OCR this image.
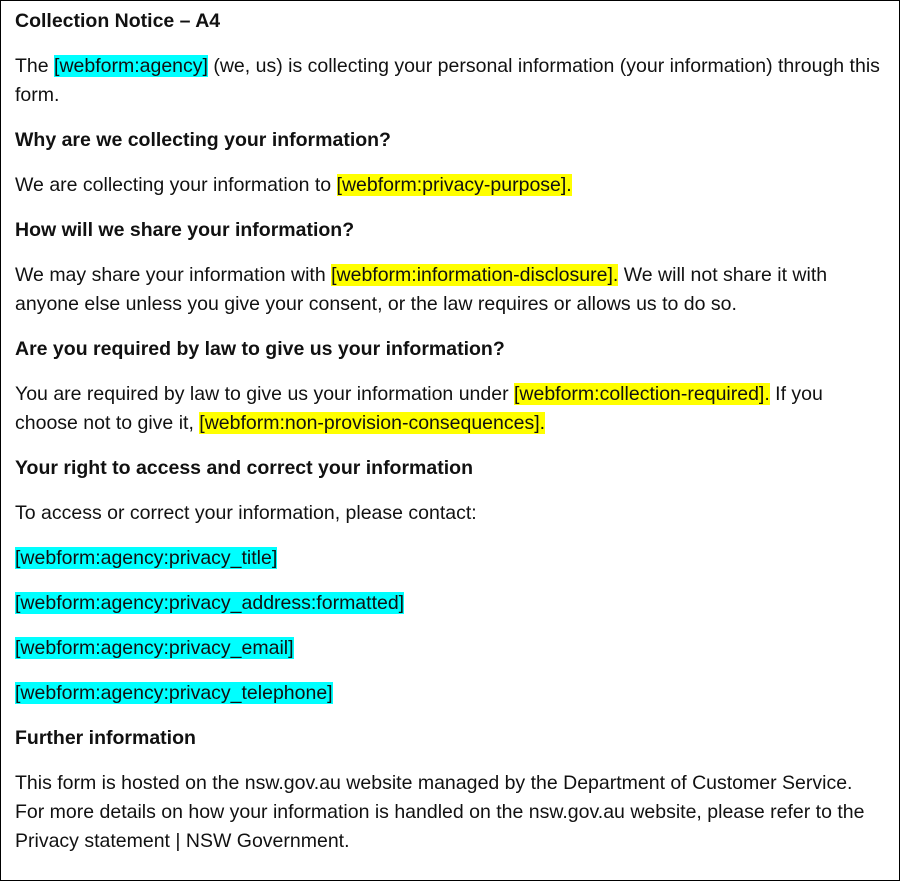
Collection Notice – A4

The [webform:agency] (we, us) is collecting your personal information (your information) through this form.

Why are we collecting your information?

We are collecting your information to [webform:privacy-purpose].

How will we share your information?

We may share your information with [webform:information-disclosure]. We will not share it with anyone else unless you give your consent, or the law requires or allows us to do so.

Are you required by law to give us your information?

You are required by law to give us your information under [webform:collection-required]. If you choose not to give it, [webform:non-provision-consequences].

Your right to access and correct your information

To access or correct your information, please contact:

[webform:agency:privacy_title]

[webform:agency:privacy_address:formatted]

[webform:agency:privacy_email]

[webform:agency:privacy_telephone]

Further information

This form is hosted on the nsw.gov.au website managed by the Department of Customer Service. For more details on how your information is handled on the nsw.gov.au website, please refer to the Privacy statement | NSW Government.
